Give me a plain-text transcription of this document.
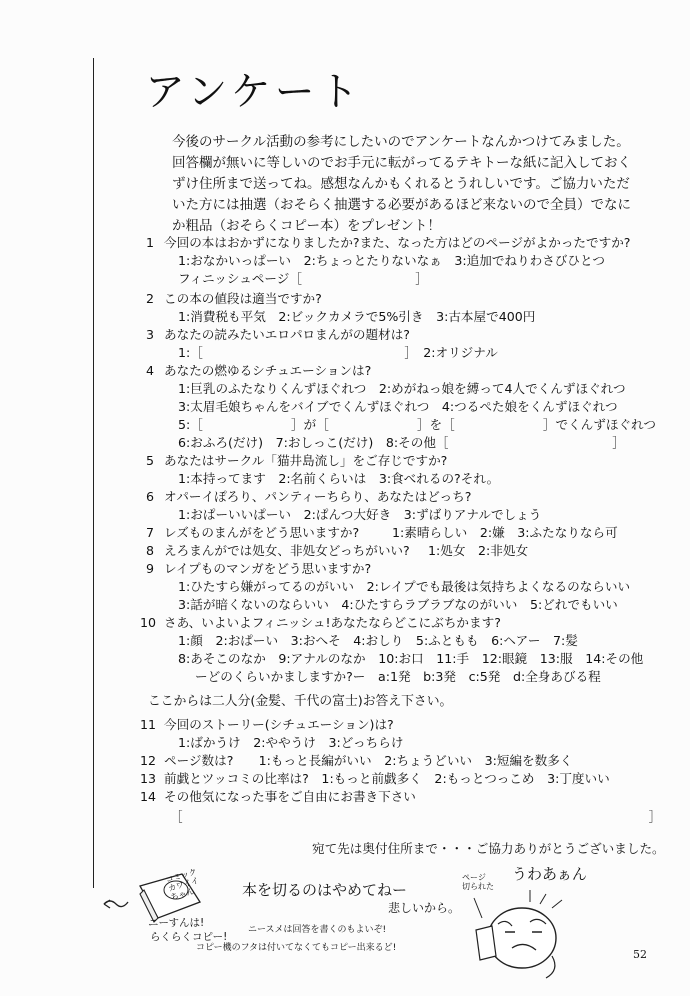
アンケート

今後のサークル活動の参考にしたいのでアンケートなんかつけてみました。

回答欄が無いに等しいのでお手元に転がってるテキトーな紙に記入しておく

ずけ住所まで送ってね。感想なんかもくれるとうれしいです。ご協力いただ

いた方には抽選（おそらく抽選する必要があるほど来ないので全員）でなに

か粗品（おそらくコピー本）をプレゼント！

1 今回の本はおかずになりましたか?また、なった方はどのページがよかったですか?
1:おなかいっぱーい　2:ちょっとたりないなぁ　3:追加でねりわさびひとつ
フィニッシュページ［　　　　　　　　　］
2 この本の値段は適当ですか?
1:消費税も平気　2:ビックカメラで5%引き　3:古本屋で400円
3 あなたの読みたいエロパロまんがの題材は?
1:［　　　　　　　　　　　　　　　　］　2:オリジナル
4 あなたの燃ゆるシチュエーションは?
1:巨乳のふたなりくんずほぐれつ　2:めがねっ娘を縛って4人でくんずほぐれつ
3:太眉毛娘ちゃんをバイブでくんずほぐれつ　4:つるぺた娘をくんずほぐれつ
5:［　　　　　　　］が［　　　　　　　］を［　　　　　　　］でくんずほぐれつ
6:おふろ(だけ)　7:おしっこ(だけ)　8:その他［　　　　　　　　　　　　　］
5 あなたはサークル「猫井島流し」をご存じですか?
1:本持ってます　2:名前くらいは　3:食べれるの?それ。
6 オパーイぽろり、パンティーちらり、あなたはどっち?
1:おぱーいいぱーい　2:ぱんつ大好き　3:ずばりアナルでしょう
7 レズものまんがをどう思いますか?	1:素晴らしい　2:嫌　3:ふたなりなら可
8 えろまんがでは処女、非処女どっちがいい? 1:処女　2:非処女
9 レイプものマンガをどう思いますか?
1:ひたすら嫌がってるのがいい　2:レイプでも最後は気持ちよくなるのならいい
3:話が暗くないのならいい　4:ひたすらラブラブなのがいい　5:どれでもいい
10 さあ、いよいよフィニッシュ!あなたならどこにぶちかます?
1:顔　2:おぱーい　3:おへそ　4:おしり　5:ふともも　6:ヘアー　7:髪
8:あそこのなか　9:アナルのなか　10:お口　11:手　12:眼鏡　13:服　14:その他
ーどのくらいかましますか?ー　a:1発　b:3発　c:5発　d:全身あびる程
ここからは二人分(金髪、千代の富士)お答え下さい。
11 今回のストーリー(シチュエーション)は?
1:ばかうけ　2:ややうけ　3:どっちらけ
12 ページ数は?　　1:もっと長編がいい　2:ちょうどいい　3:短編を数多く
13 前戯とツッコミの比率は?　1:もっと前戯多く　2:もっとつっこめ　3:丁度いい
14 その他気になった事をご自由にお書き下さい
［　　　　　　　　　　　　　　　　　　　　　　　　　　　　　　　　　　　　　］
宛て先は奥付住所まで・・・ご協力ありがとうございました。
コミック
カワイイ
ちゃん
ニーすんは!
らくらくコピー!
ニースメは回答を書くのもよいぞ!
コピー機のフタは付いてなくてもコピー出来るど!
本を切るのはやめてねー
悲しいから。
ページ
切られた
うわあぁん
52
